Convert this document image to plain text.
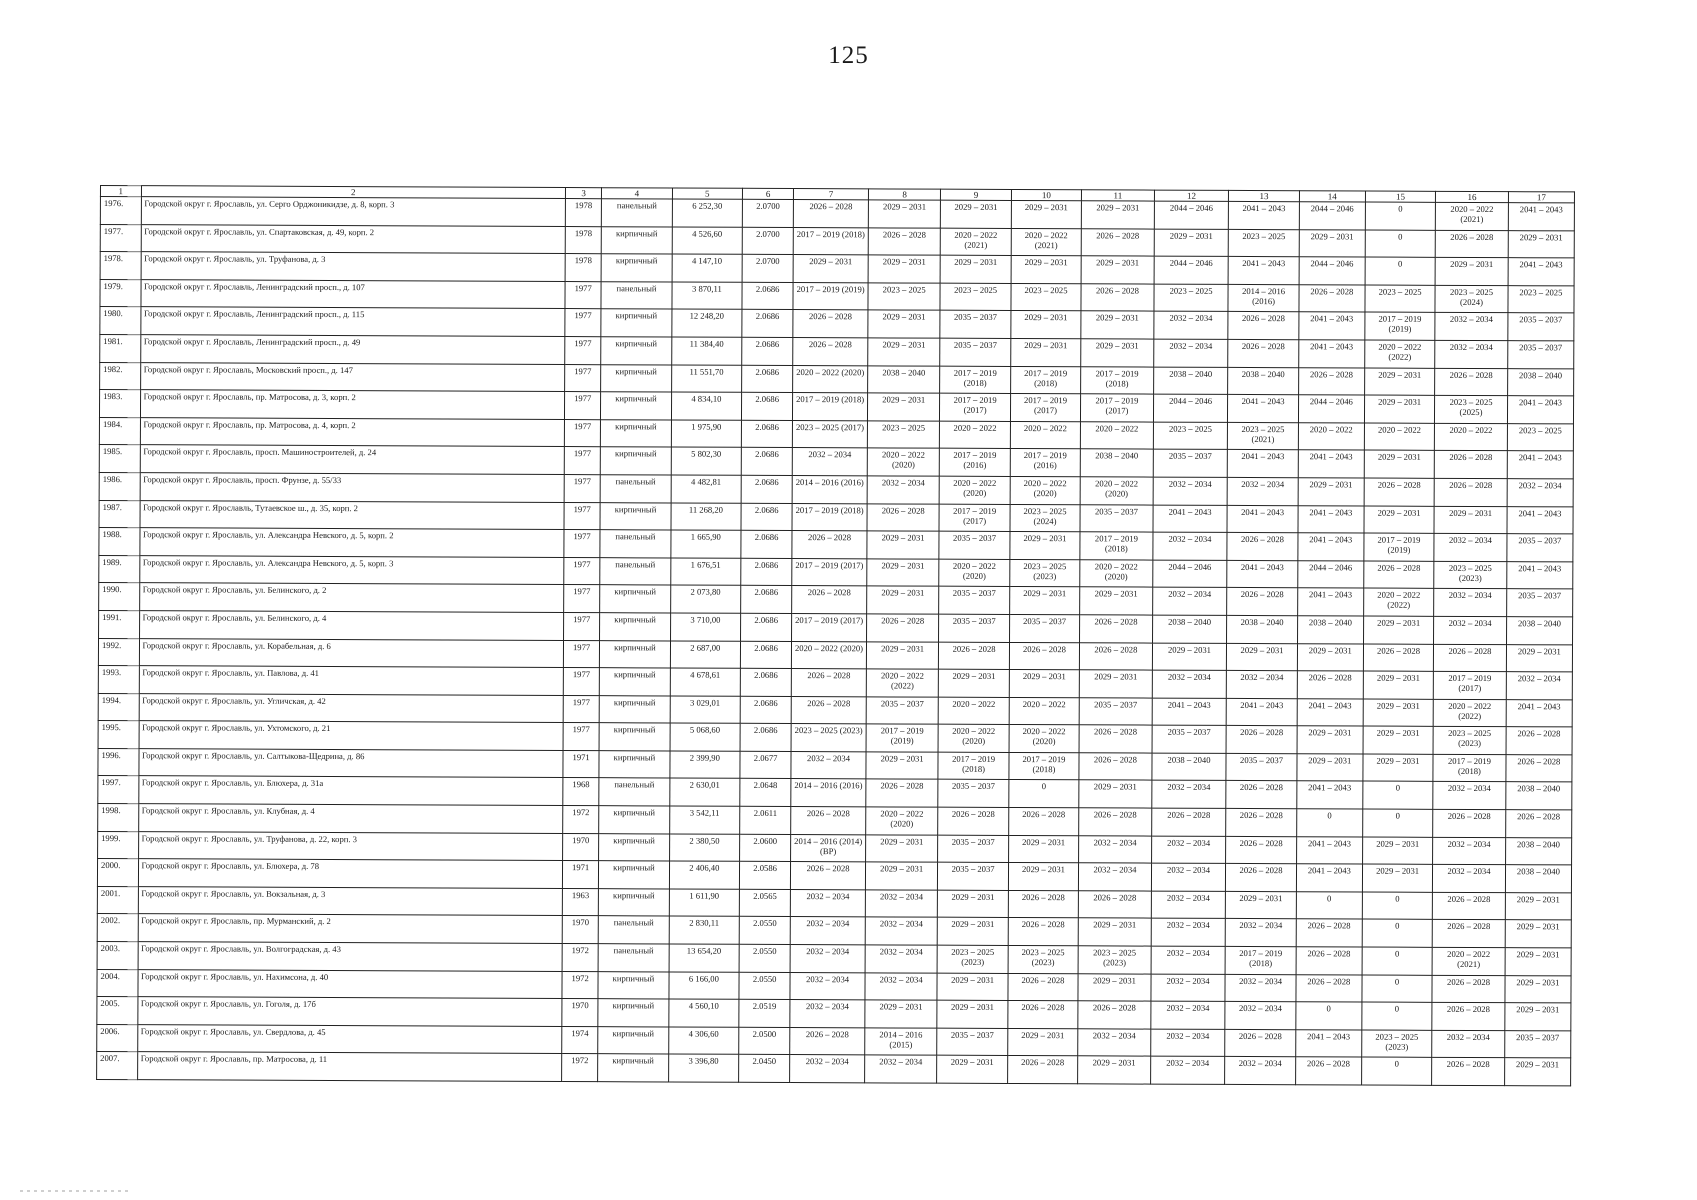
125
1	2	3	4	5	6	7	8	9	10	11	12	13	14	15	16	17
1976.	Городской округ г. Ярославль, ул. Серго Орджоникидзе, д. 8, корп. 3	1978	панельный	6 252,30	2.0700	2026 – 2028	2029 – 2031	2029 – 2031	2029 – 2031	2029 – 2031	2044 – 2046	2041 – 2043	2044 – 2046	0	2020 – 2022 (2021)	2041 – 2043
1977.	Городской округ г. Ярославль, ул. Спартаковская, д. 49, корп. 2	1978	кирпичный	4 526,60	2.0700	2017 – 2019 (2018)	2026 – 2028	2020 – 2022 (2021)	2020 – 2022 (2021)	2026 – 2028	2029 – 2031	2023 – 2025	2029 – 2031	0	2026 – 2028	2029 – 2031
1978.	Городской округ г. Ярославль, ул. Труфанова, д. 3	1978	кирпичный	4 147,10	2.0700	2029 – 2031	2029 – 2031	2029 – 2031	2029 – 2031	2029 – 2031	2044 – 2046	2041 – 2043	2044 – 2046	0	2029 – 2031	2041 – 2043
1979.	Городской округ г. Ярославль, Ленинградский просп., д. 107	1977	панельный	3 870,11	2.0686	2017 – 2019 (2019)	2023 – 2025	2023 – 2025	2023 – 2025	2026 – 2028	2023 – 2025	2014 – 2016 (2016)	2026 – 2028	2023 – 2025	2023 – 2025 (2024)	2023 – 2025
1980.	Городской округ г. Ярославль, Ленинградский просп., д. 115	1977	кирпичный	12 248,20	2.0686	2026 – 2028	2029 – 2031	2035 – 2037	2029 – 2031	2029 – 2031	2032 – 2034	2026 – 2028	2041 – 2043	2017 – 2019 (2019)	2032 – 2034	2035 – 2037
1981.	Городской округ г. Ярославль, Ленинградский просп., д. 49	1977	кирпичный	11 384,40	2.0686	2026 – 2028	2029 – 2031	2035 – 2037	2029 – 2031	2029 – 2031	2032 – 2034	2026 – 2028	2041 – 2043	2020 – 2022 (2022)	2032 – 2034	2035 – 2037
1982.	Городской округ г. Ярославль, Московский просп., д. 147	1977	кирпичный	11 551,70	2.0686	2020 – 2022 (2020)	2038 – 2040	2017 – 2019 (2018)	2017 – 2019 (2018)	2017 – 2019 (2018)	2038 – 2040	2038 – 2040	2026 – 2028	2029 – 2031	2026 – 2028	2038 – 2040
1983.	Городской округ г. Ярославль, пр. Матросова, д. 3, корп. 2	1977	кирпичный	4 834,10	2.0686	2017 – 2019 (2018)	2029 – 2031	2017 – 2019 (2017)	2017 – 2019 (2017)	2017 – 2019 (2017)	2044 – 2046	2041 – 2043	2044 – 2046	2029 – 2031	2023 – 2025 (2025)	2041 – 2043
1984.	Городской округ г. Ярославль, пр. Матросова, д. 4, корп. 2	1977	кирпичный	1 975,90	2.0686	2023 – 2025 (2017)	2023 – 2025	2020 – 2022	2020 – 2022	2020 – 2022	2023 – 2025	2023 – 2025 (2021)	2020 – 2022	2020 – 2022	2020 – 2022	2023 – 2025
1985.	Городской округ г. Ярославль, просп. Машиностроителей, д. 24	1977	кирпичный	5 802,30	2.0686	2032 – 2034	2020 – 2022 (2020)	2017 – 2019 (2016)	2017 – 2019 (2016)	2038 – 2040	2035 – 2037	2041 – 2043	2041 – 2043	2029 – 2031	2026 – 2028	2041 – 2043
1986.	Городской округ г. Ярославль, просп. Фрунзе, д. 55/33	1977	панельный	4 482,81	2.0686	2014 – 2016 (2016)	2032 – 2034	2020 – 2022 (2020)	2020 – 2022 (2020)	2020 – 2022 (2020)	2032 – 2034	2032 – 2034	2029 – 2031	2026 – 2028	2026 – 2028	2032 – 2034
1987.	Городской округ г. Ярославль, Тутаевское ш., д. 35, корп. 2	1977	кирпичный	11 268,20	2.0686	2017 – 2019 (2018)	2026 – 2028	2017 – 2019 (2017)	2023 – 2025 (2024)	2035 – 2037	2041 – 2043	2041 – 2043	2041 – 2043	2029 – 2031	2029 – 2031	2041 – 2043
1988.	Городской округ г. Ярославль, ул. Александра Невского, д. 5, корп. 2	1977	панельный	1 665,90	2.0686	2026 – 2028	2029 – 2031	2035 – 2037	2029 – 2031	2017 – 2019 (2018)	2032 – 2034	2026 – 2028	2041 – 2043	2017 – 2019 (2019)	2032 – 2034	2035 – 2037
1989.	Городской округ г. Ярославль, ул. Александра Невского, д. 5, корп. 3	1977	панельный	1 676,51	2.0686	2017 – 2019 (2017)	2029 – 2031	2020 – 2022 (2020)	2023 – 2025 (2023)	2020 – 2022 (2020)	2044 – 2046	2041 – 2043	2044 – 2046	2026 – 2028	2023 – 2025 (2023)	2041 – 2043
1990.	Городской округ г. Ярославль, ул. Белинского, д. 2	1977	кирпичный	2 073,80	2.0686	2026 – 2028	2029 – 2031	2035 – 2037	2029 – 2031	2029 – 2031	2032 – 2034	2026 – 2028	2041 – 2043	2020 – 2022 (2022)	2032 – 2034	2035 – 2037
1991.	Городской округ г. Ярославль, ул. Белинского, д. 4	1977	кирпичный	3 710,00	2.0686	2017 – 2019 (2017)	2026 – 2028	2035 – 2037	2035 – 2037	2026 – 2028	2038 – 2040	2038 – 2040	2038 – 2040	2029 – 2031	2032 – 2034	2038 – 2040
1992.	Городской округ г. Ярославль, ул. Корабельная, д. 6	1977	кирпичный	2 687,00	2.0686	2020 – 2022 (2020)	2029 – 2031	2026 – 2028	2026 – 2028	2026 – 2028	2029 – 2031	2029 – 2031	2029 – 2031	2026 – 2028	2026 – 2028	2029 – 2031
1993.	Городской округ г. Ярославль, ул. Павлова, д. 41	1977	кирпичный	4 678,61	2.0686	2026 – 2028	2020 – 2022 (2022)	2029 – 2031	2029 – 2031	2029 – 2031	2032 – 2034	2032 – 2034	2026 – 2028	2029 – 2031	2017 – 2019 (2017)	2032 – 2034
1994.	Городской округ г. Ярославль, ул. Угличская, д. 42	1977	кирпичный	3 029,01	2.0686	2026 – 2028	2035 – 2037	2020 – 2022	2020 – 2022	2035 – 2037	2041 – 2043	2041 – 2043	2041 – 2043	2029 – 2031	2020 – 2022 (2022)	2041 – 2043
1995.	Городской округ г. Ярославль, ул. Ухтомского, д. 21	1977	кирпичный	5 068,60	2.0686	2023 – 2025 (2023)	2017 – 2019 (2019)	2020 – 2022 (2020)	2020 – 2022 (2020)	2026 – 2028	2035 – 2037	2026 – 2028	2029 – 2031	2029 – 2031	2023 – 2025 (2023)	2026 – 2028
1996.	Городской округ г. Ярославль, ул. Салтыкова-Щедрина, д. 86	1971	кирпичный	2 399,90	2.0677	2032 – 2034	2029 – 2031	2017 – 2019 (2018)	2017 – 2019 (2018)	2026 – 2028	2038 – 2040	2035 – 2037	2029 – 2031	2029 – 2031	2017 – 2019 (2018)	2026 – 2028
1997.	Городской округ г. Ярославль, ул. Блюхера, д. 31а	1968	панельный	2 630,01	2.0648	2014 – 2016 (2016)	2026 – 2028	2035 – 2037	0	2029 – 2031	2032 – 2034	2026 – 2028	2041 – 2043	0	2032 – 2034	2038 – 2040
1998.	Городской округ г. Ярославль, ул. Клубная, д. 4	1972	кирпичный	3 542,11	2.0611	2026 – 2028	2020 – 2022 (2020)	2026 – 2028	2026 – 2028	2026 – 2028	2026 – 2028	2026 – 2028	0	0	2026 – 2028	2026 – 2028
1999.	Городской округ г. Ярославль, ул. Труфанова, д. 22, корп. 3	1970	кирпичный	2 380,50	2.0600	2014 – 2016 (2014) (ВР)	2029 – 2031	2035 – 2037	2029 – 2031	2032 – 2034	2032 – 2034	2026 – 2028	2041 – 2043	2029 – 2031	2032 – 2034	2038 – 2040
2000.	Городской округ г. Ярославль, ул. Блюхера, д. 78	1971	кирпичный	2 406,40	2.0586	2026 – 2028	2029 – 2031	2035 – 2037	2029 – 2031	2032 – 2034	2032 – 2034	2026 – 2028	2041 – 2043	2029 – 2031	2032 – 2034	2038 – 2040
2001.	Городской округ г. Ярославль, ул. Вокзальная, д. 3	1963	кирпичный	1 611,90	2.0565	2032 – 2034	2032 – 2034	2029 – 2031	2026 – 2028	2026 – 2028	2032 – 2034	2029 – 2031	0	0	2026 – 2028	2029 – 2031
2002.	Городской округ г. Ярославль, пр. Мурманский, д. 2	1970	панельный	2 830,11	2.0550	2032 – 2034	2032 – 2034	2029 – 2031	2026 – 2028	2029 – 2031	2032 – 2034	2032 – 2034	2026 – 2028	0	2026 – 2028	2029 – 2031
2003.	Городской округ г. Ярославль, ул. Волгоградская, д. 43	1972	панельный	13 654,20	2.0550	2032 – 2034	2032 – 2034	2023 – 2025 (2023)	2023 – 2025 (2023)	2023 – 2025 (2023)	2032 – 2034	2017 – 2019 (2018)	2026 – 2028	0	2020 – 2022 (2021)	2029 – 2031
2004.	Городской округ г. Ярославль, ул. Нахимсона, д. 40	1972	кирпичный	6 166,00	2.0550	2032 – 2034	2032 – 2034	2029 – 2031	2026 – 2028	2029 – 2031	2032 – 2034	2032 – 2034	2026 – 2028	0	2026 – 2028	2029 – 2031
2005.	Городской округ г. Ярославль, ул. Гоголя, д. 17б	1970	кирпичный	4 560,10	2.0519	2032 – 2034	2029 – 2031	2029 – 2031	2026 – 2028	2026 – 2028	2032 – 2034	2032 – 2034	0	0	2026 – 2028	2029 – 2031
2006.	Городской округ г. Ярославль, ул. Свердлова, д. 45	1974	кирпичный	4 306,60	2.0500	2026 – 2028	2014 – 2016 (2015)	2035 – 2037	2029 – 2031	2032 – 2034	2032 – 2034	2026 – 2028	2041 – 2043	2023 – 2025 (2023)	2032 – 2034	2035 – 2037
2007.	Городской округ г. Ярославль, пр. Матросова, д. 11	1972	кирпичный	3 396,80	2.0450	2032 – 2034	2032 – 2034	2029 – 2031	2026 – 2028	2029 – 2031	2032 – 2034	2032 – 2034	2026 – 2028	0	2026 – 2028	2029 – 2031
